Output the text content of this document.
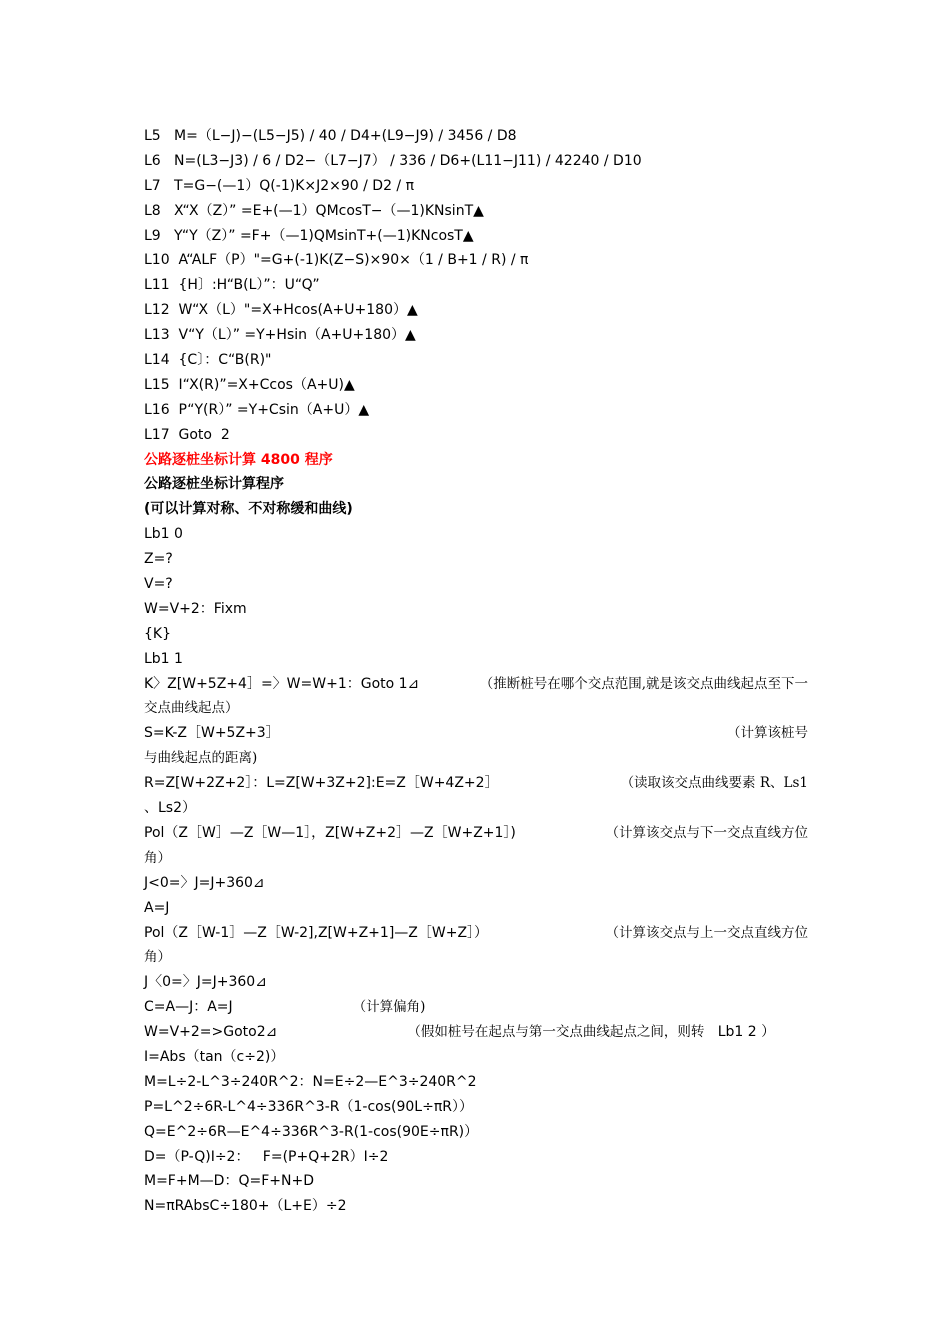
L5   M=（L−J)−(L5−J5) / 40 / D4+(L9−J9) / 3456 / D8
L6   N=(L3−J3) / 6 / D2−（L7−J7） / 336 / D6+(L11−J11) / 42240 / D10
L7   T=G−(—1）Q(-1)K×J2×90 / D2 / π
L8   X“X（Z）” =E+(—1）QMcosT−（—1)KNsinT▲
L9   Y“Y（Z）” =F+（—1)QMsinT+(—1)KNcosT▲
L10  A“ALF（P）"=G+(-1)K(Z−S)×90×（1 / B+1 / R) / π
L11  {H〕:H“B(L）”：U“Q”
L12  W“X（L）"=X+Hcos(A+U+180）▲
L13  V“Y（L）” =Y+Hsin（A+U+180）▲
L14  {C〕：C“B(R)"
L15  I“X(R)”=X+Ccos（A+U)▲
L16  P“Y(R）” =Y+Csin（A+U）▲
L17  Goto  2
公路逐桩坐标计算 4800 程序
公路逐桩坐标计算程序
(可以计算对称、不对称缓和曲线)
Lb1 0
Z=?
V=?
W=V+2：Fixm
{K}
Lb1 1
K〉Z[W+5Z+4］=〉W=W+1：Goto 1⊿	（推断桩号在哪个交点范围,就是该交点曲线起点至下一
交点曲线起点）
S=K-Z［W+5Z+3］	（计算该桩号
与曲线起点的距离)
R=Z[W+2Z+2］：L=Z[W+3Z+2]:E=Z［W+4Z+2］	（读取该交点曲线要素 R、Ls1
、Ls2）
Pol（Z［W］—Z［W—1］，Z[W+Z+2］—Z［W+Z+1］)	（计算该交点与下一交点直线方位
角）
J<0=〉J=J+360⊿
A=J
Pol（Z［W-1］—Z［W-2],Z[W+Z+1]—Z［W+Z］）	（计算该交点与上一交点直线方位
角）
J〈0=〉J=J+360⊿
C=A—J：A=J	（计算偏角)
W=V+2=>Goto2⊿	（假如桩号在起点与第一交点曲线起点之间，则转   Lb1 2 ）
I=Abs（tan（c÷2)）
M=L÷2-L^3÷240R^2：N=E÷2—E^3÷240R^2
P=L^2÷6R-L^4÷336R^3-R（1-cos(90L÷πR））
Q=E^2÷6R—E^4÷336R^3-R(1-cos(90E÷πR)）
D=（P-Q)I÷2：   F=(P+Q+2R）I÷2
M=F+M—D：Q=F+N+D
N=πRAbsC÷180+（L+E）÷2
